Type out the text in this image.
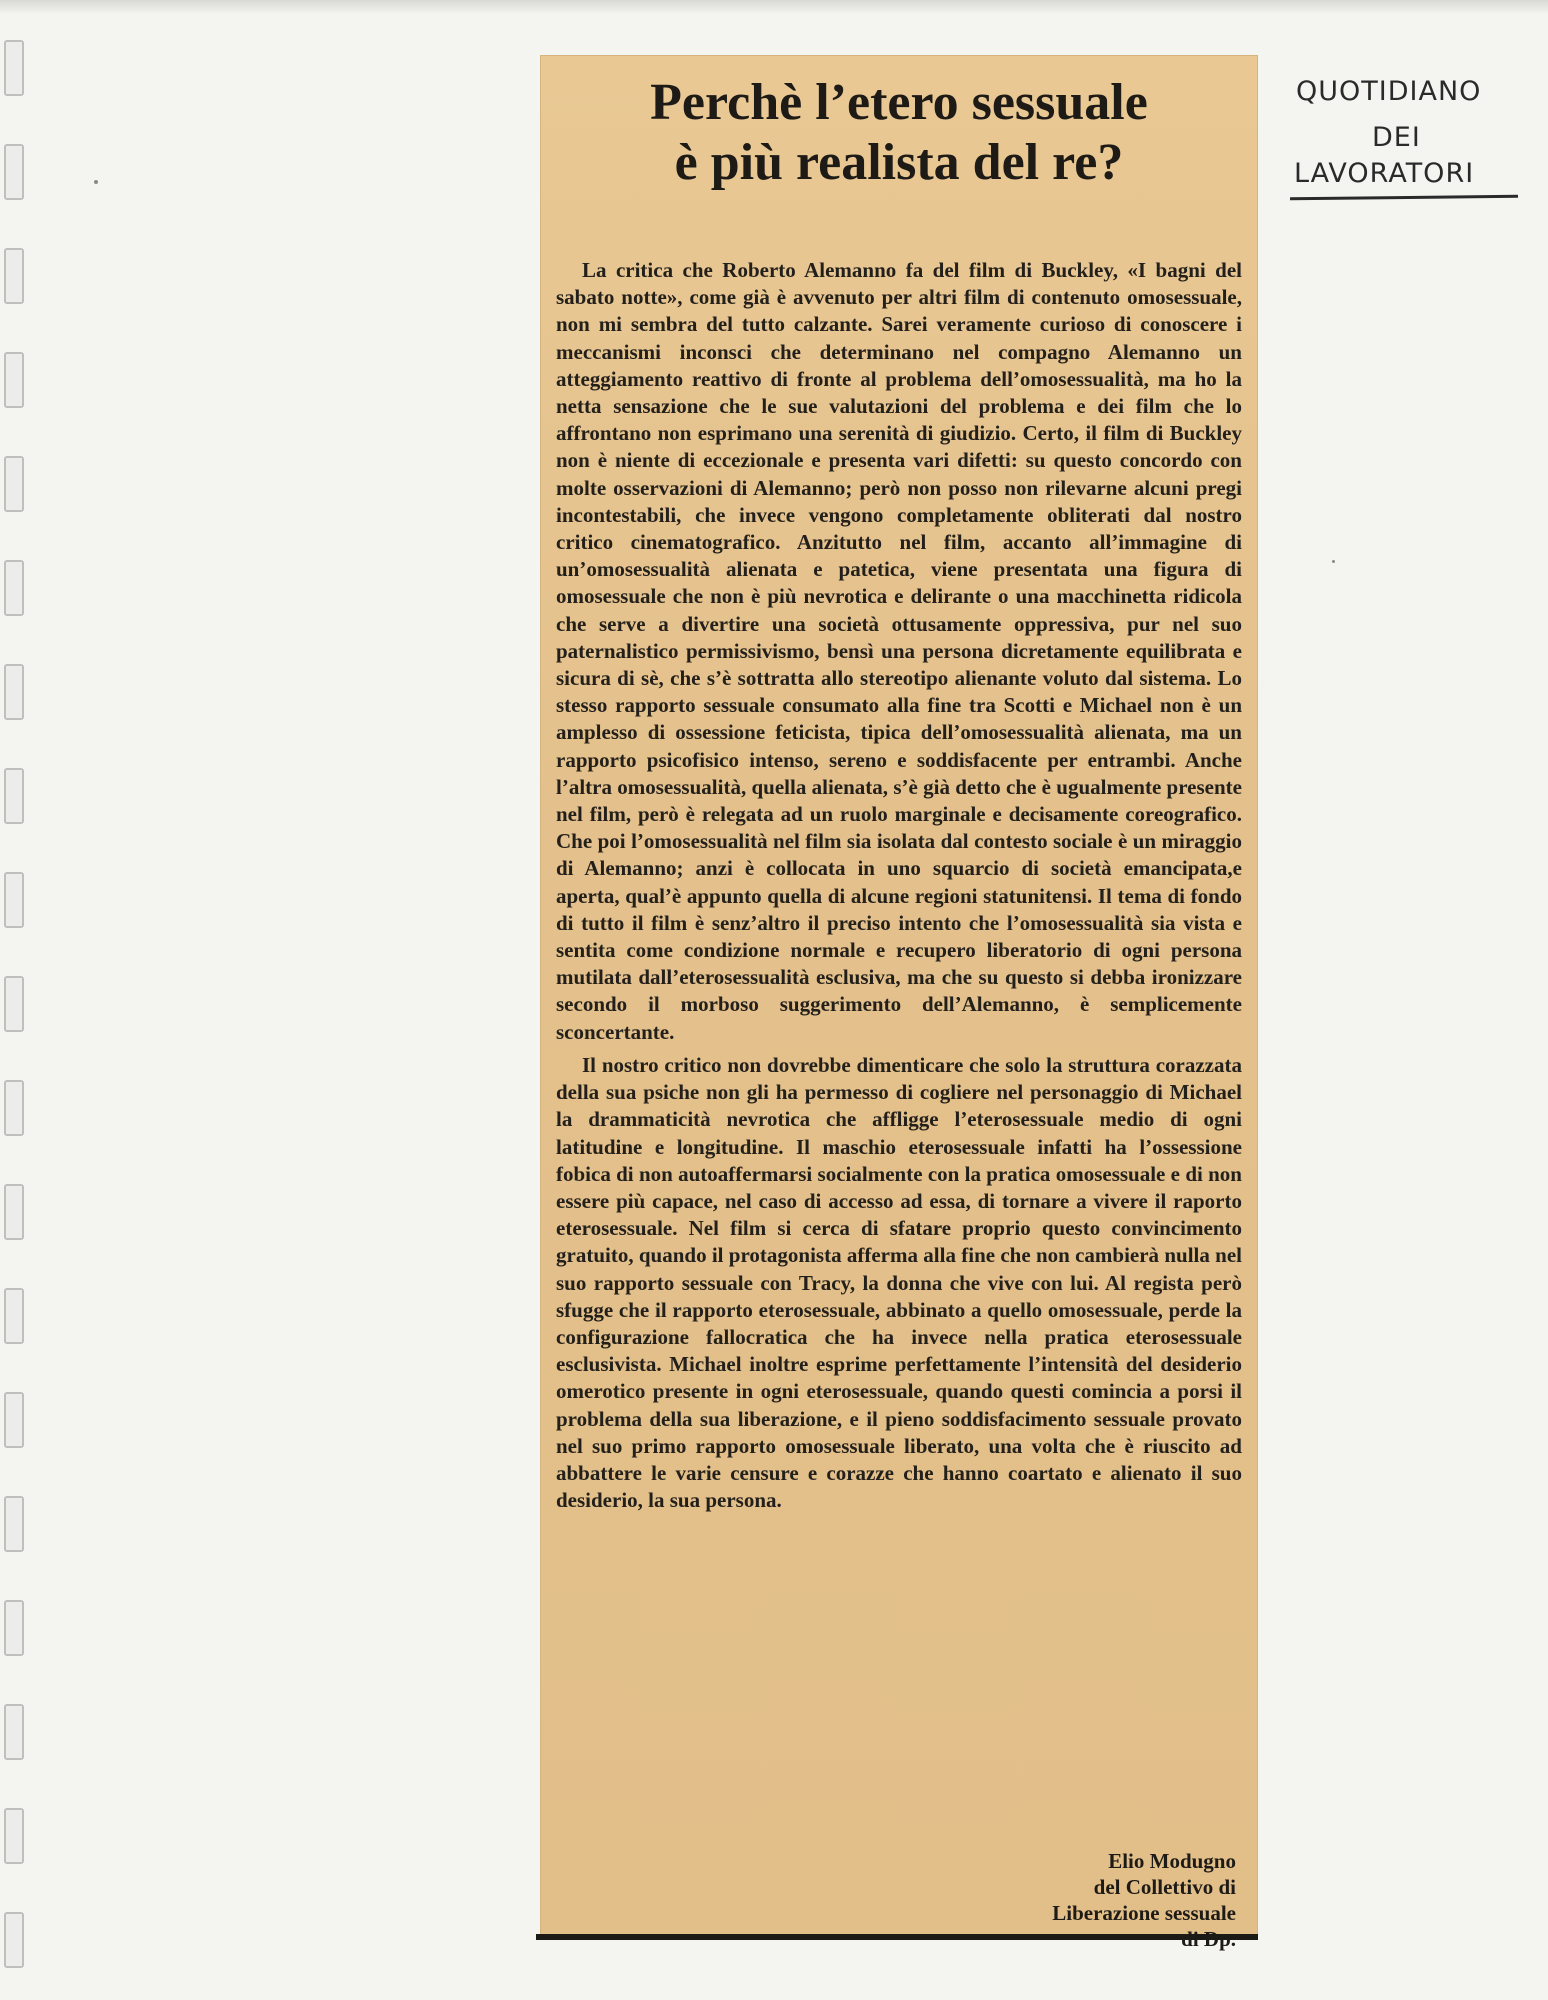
Perchè l’etero sessuale
è più realista del re?

La critica che Roberto Alemanno fa del film di Buckley, «I bagni del sabato notte», come già è avvenuto per altri film di contenuto omosessuale, non mi sembra del tutto calzante. Sarei veramente curioso di conoscere i meccanismi inconsci che determinano nel compagno Alemanno un atteggiamento reattivo di fronte al problema dell’omosessualità, ma ho la netta sensazione che le sue valutazioni del problema e dei film che lo affrontano non esprimano una serenità di giudizio. Certo, il film di Buckley non è niente di eccezionale e presenta vari difetti: su questo concordo con molte osservazioni di Alemanno; però non posso non rilevarne alcuni pregi incontestabili, che invece vengono completamente obliterati dal nostro critico cinematografico. Anzitutto nel film, accanto all’immagine di un’omosessualità alienata e patetica, viene presentata una figura di omosessuale che non è più nevrotica e delirante o una macchinetta ridicola che serve a divertire una società ottusamente oppressiva, pur nel suo paternalistico permissivismo, bensì una persona dicretamente equilibrata e sicura di sè, che s’è sottratta allo stereotipo alienante voluto dal sistema. Lo stesso rapporto sessuale consumato alla fine tra Scotti e Michael non è un amplesso di ossessione feticista, tipica dell’omosessualità alienata, ma un rapporto psicofisico intenso, sereno e soddisfacente per entrambi. Anche l’altra omosessualità, quella alienata, s’è già detto che è ugualmente presente nel film, però è relegata ad un ruolo marginale e decisamente coreografico. Che poi l’omosessualità nel film sia isolata dal contesto sociale è un miraggio di Alemanno; anzi è collocata in uno squarcio di società emancipata,e aperta, qual’è appunto quella di alcune regioni statunitensi. Il tema di fondo di tutto il film è senz’altro il preciso intento che l’omosessualità sia vista e sentita come condizione normale e recupero liberatorio di ogni persona mutilata dall’eterosessualità esclusiva, ma che su questo si debba ironizzare secondo il morboso suggerimento dell’Alemanno, è semplicemente sconcertante.

Il nostro critico non dovrebbe dimenticare che solo la struttura corazzata della sua psiche non gli ha permesso di cogliere nel personaggio di Michael la drammaticità nevrotica che affligge l’eterosessuale medio di ogni latitudine e longitudine. Il maschio eterosessuale infatti ha l’ossessione fobica di non autoaffermarsi socialmente con la pratica omosessuale e di non essere più capace, nel caso di accesso ad essa, di tornare a vivere il raporto eterosessuale. Nel film si cerca di sfatare proprio questo convincimento gratuito, quando il protagonista afferma alla fine che non cambierà nulla nel suo rapporto sessuale con Tracy, la donna che vive con lui. Al regista però sfugge che il rapporto eterosessuale, abbinato a quello omosessuale, perde la configurazione fallocratica che ha invece nella pratica eterosessuale esclusivista. Michael inoltre esprime perfettamente l’intensità del desiderio omerotico presente in ogni eterosessuale, quando questi comincia a porsi il problema della sua liberazione, e il pieno soddisfacimento sessuale provato nel suo primo rapporto omosessuale liberato, una volta che è riuscito ad abbattere le varie censure e corazze che hanno coartato e alienato il suo desiderio, la sua persona.

Elio Modugno
del Collettivo di
Liberazione sessuale
QUOTIDIANO
DEI
LAVORATORI
